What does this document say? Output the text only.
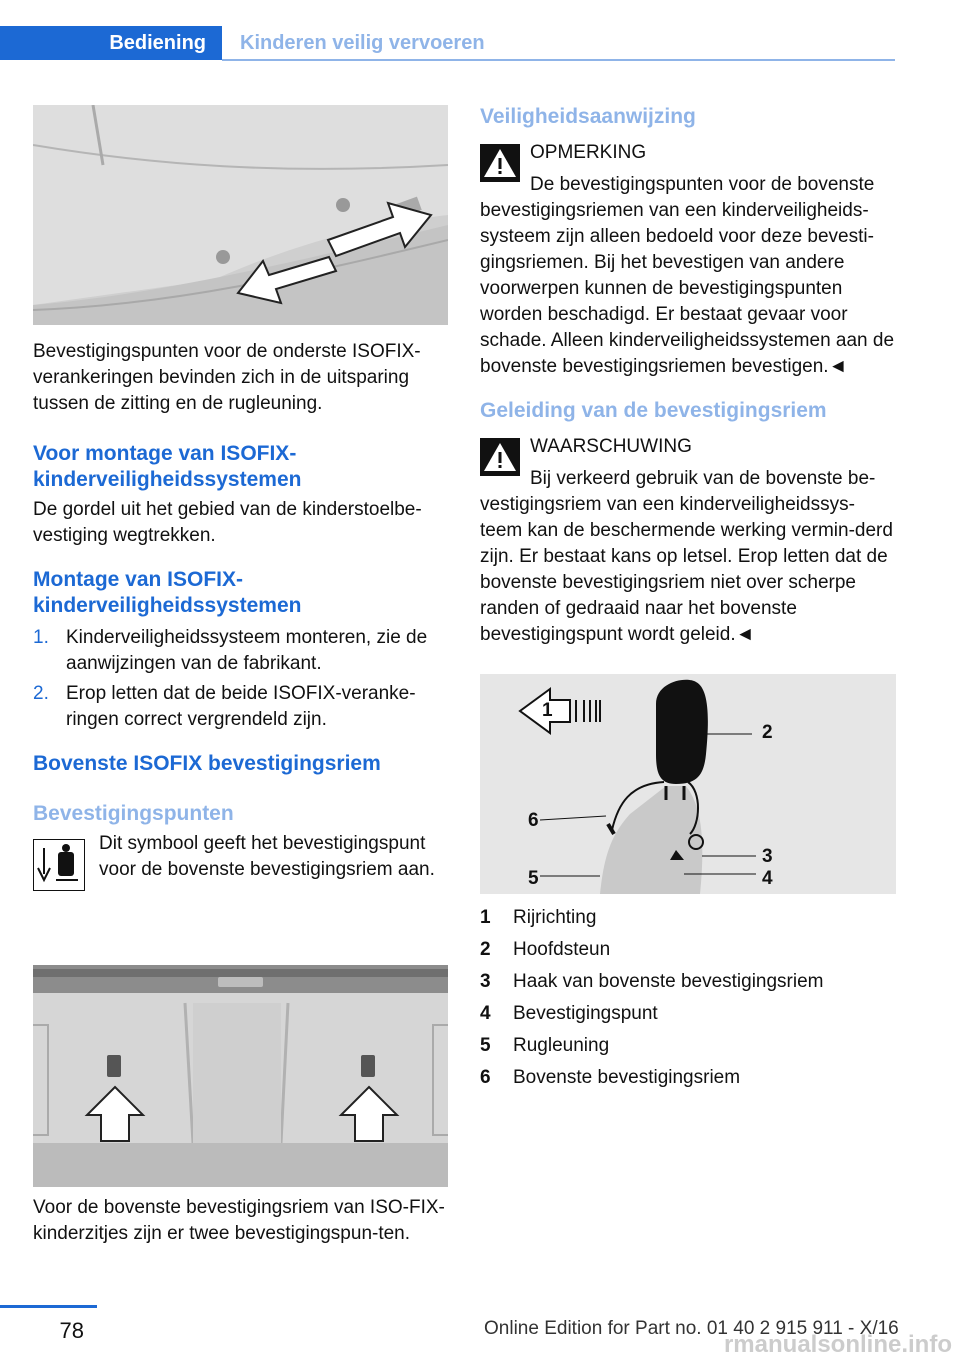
Bediening Kinderen veilig vervoeren

Bevestigingspunten voor de onderste ISOFIX-verankeringen bevinden zich in de uitsparing tussen de zitting en de rugleuning.

Voor montage van ISOFIX-kinderveiligheidssystemen

De gordel uit het gebied van de kinderstoelbe-vestiging wegtrekken.

Montage van ISOFIX-kinderveiligheidssystemen
1. Kinderveiligheidssysteem monteren, zie de aanwijzingen van de fabrikant.
2. Erop letten dat de beide ISOFIX-veranke-ringen correct vergrendeld zijn.
Bovenste ISOFIX bevestigingsriem
Bevestigingspunten

Dit symbool geeft het bevestigingspunt voor de bovenste bevestigingsriem aan.

Voor de bovenste bevestigingsriem van ISO-FIX-kinderzitjes zijn er twee bevestigingspun-ten.

Veiligheidsaanwijzing

OPMERKING

De bevestigingspunten voor de bovenste bevestigingsriemen van een kinderveiligheids-systeem zijn alleen bedoeld voor deze bevesti-gingsriemen. Bij het bevestigen van andere voorwerpen kunnen de bevestigingspunten worden beschadigd. Er bestaat gevaar voor schade. Alleen kinderveiligheidssystemen aan de bovenste bevestigingsriemen bevestigen.◄

Geleiding van de bevestigingsriem

WAARSCHUWING

Bij verkeerd gebruik van de bovenste be-vestigingsriem van een kinderveiligheidssys-teem kan de beschermende werking vermin-derd zijn. Er bestaat kans op letsel. Erop letten dat de bovenste bevestigingsriem niet over scherpe randen of gedraaid naar het bovenste bevestigingspunt wordt geleid.◄

1
2
3
4
5
6
1	Rijrichting
2	Hoofdsteun
3	Haak van bovenste bevestigingsriem
4	Bevestigingspunt
5	Rugleuning
6	Bovenste bevestigingsriem
78	Online Edition for Part no. 01 40 2 915 911 - X/16
rmanualsonline.info
